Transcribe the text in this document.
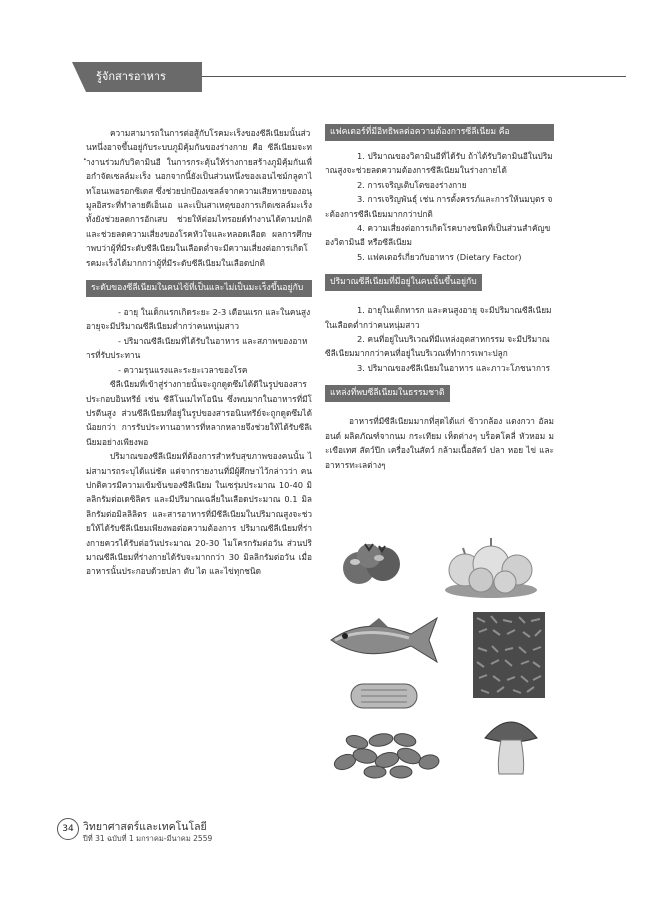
รู้จักสารอาหาร

ความสามารถในการต่อสู้กับโรคมะเร็งของซีลีเนียมนั้นส่วนหนึ่งอาจขึ้นอยู่กับระบบภูมิคุ้มกันของร่างกาย คือ ซีลีเนียมจะทำงานร่วมกับวิตามินอี ในการกระตุ้นให้ร่างกายสร้างภูมิคุ้มกันเพื่อกำจัดเซลล์มะเร็ง นอกจากนี้ยังเป็นส่วนหนึ่งของเอนไซม์กลูตาไทโอนเพอรอกซิเดส ซึ่งช่วยปกป้องเซลล์จากความเสียหายของอนุมูลอิสระที่ทำลายดีเอ็นเอ และเป็นสาเหตุของการเกิดเซลล์มะเร็ง ทั้งยังช่วยลดการอักเสบ ช่วยให้ต่อมไทรอยด์ทำงานได้ตามปกติ และช่วยลดความเสี่ยงของโรคหัวใจและหลอดเลือด ผลการศึกษาพบว่าผู้ที่มีระดับซีลีเนียมในเลือดต่ำจะมีความเสี่ยงต่อการเกิดโรคมะเร็งได้มากกว่าผู้ที่มีระดับซีลีเนียมในเลือดปกติ

ระดับของซีลีเนียมในคนไข้ที่เป็นและไม่เป็นมะเร็งขึ้นอยู่กับ

- อายุ ในเด็กแรกเกิดระยะ 2-3 เดือนแรก และในคนสูงอายุจะมีปริมาณซีลีเนียมต่ำกว่าคนหนุ่มสาว

- ปริมาณซีลีเนียมที่ได้รับในอาหาร และสภาพของอาหารที่รับประทาน

- ความรุนแรงและระยะเวลาของโรค

ซีลีเนียมที่เข้าสู่ร่างกายนั้นจะถูกดูดซึมได้ดีในรูปของสารประกอบอินทรีย์ เช่น ซีลีโนเมไทโอนีน ซึ่งพบมากในอาหารที่มีโปรตีนสูง ส่วนซีลีเนียมที่อยู่ในรูปของสารอนินทรีย์จะถูกดูดซึมได้น้อยกว่า การรับประทานอาหารที่หลากหลายจึงช่วยให้ได้รับซีลีเนียมอย่างเพียงพอ

ปริมาณของซีลีเนียมที่ต้องการสำหรับสุขภาพของคนนั้น ไม่สามารถระบุได้แน่ชัด แต่จากรายงานที่มีผู้ศึกษาไว้กล่าวว่า คนปกติควรมีความเข้มข้นของซีลีเนียม ในเซรุ่มประมาณ 10-40 มิลลิกรัมต่อเดซิลิตร และมีปริมาณเฉลี่ยในเลือดประมาณ 0.1 มิลลิกรัมต่อมิลลิลิตร และสารอาหารที่มีซีลีเนียมในปริมาณสูงจะช่วยให้ได้รับซีลีเนียมเพียงพอต่อความต้องการ ปริมาณซีลีเนียมที่ร่างกายควรได้รับต่อวันประมาณ 20-30 ไมโครกรัมต่อวัน ส่วนปริมาณซีลีเนียมที่ร่างกายได้รับจะมากกว่า 30 มิลลิกรัมต่อวัน เมื่ออาหารนั้นประกอบด้วยปลา ตับ ไต และไข่ทุกชนิด

แฟคเตอร์ที่มีอิทธิพลต่อความต้องการซีลีเนียม คือ

1. ปริมาณของวิตามินอีที่ได้รับ ถ้าได้รับวิตามินอีในปริมาณสูงจะช่วยลดความต้องการซีลีเนียมในร่างกายได้

2. การเจริญเติบโตของร่างกาย

3. การเจริญพันธุ์ เช่น การตั้งครรภ์และการให้นมบุตร จะต้องการซีลีเนียมมากกว่าปกติ

4. ความเสี่ยงต่อการเกิดโรคบางชนิดที่เป็นส่วนสำคัญของวิตามินอี หรือซีลีเนียม

5. แฟคเตอร์เกี่ยวกับอาหาร (Dietary Factor)

ปริมาณซีลีเนียมที่มีอยู่ในคนนั้นขึ้นอยู่กับ

1. อายุในเด็กทารก และคนสูงอายุ จะมีปริมาณซีลีเนียมในเลือดต่ำกว่าคนหนุ่มสาว

2. คนที่อยู่ในบริเวณที่มีแหล่งอุตสาหกรรม จะมีปริมาณซีลีเนียมมากกว่าคนที่อยู่ในบริเวณที่ทำการเพาะปลูก

3. ปริมาณของซีลีเนียมในอาหาร และภาวะโภชนาการ

แหล่งที่พบซีลีเนียมในธรรมชาติ

อาหารที่มีซีลีเนียมมากที่สุดได้แก่ ข้าวกล้อง แตงกวา อัลมอนด์ ผลิตภัณฑ์จากนม กระเทียม เห็ดต่างๆ บร็อคโคลี่ หัวหอม มะเขือเทศ สัตว์ปีก เครื่องในสัตว์ กล้ามเนื้อสัตว์ ปลา หอย ไข่ และอาหารทะเลต่างๆ

34 วิทยาศาสตร์และเทคโนโลยี
ปีที่ 31 ฉบับที่ 1 มกราคม-มีนาคม 2559
